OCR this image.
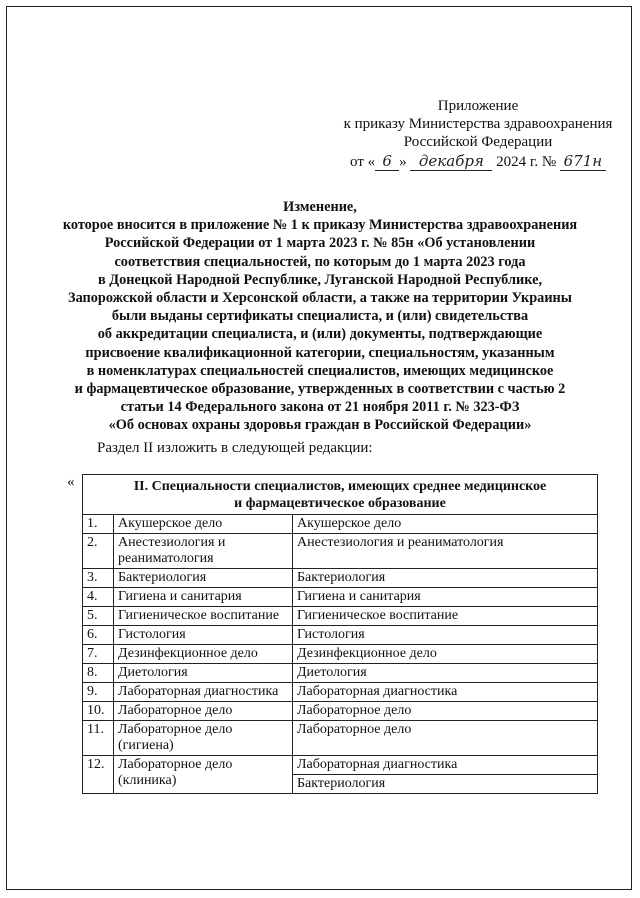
Приложение
к приказу Министерства здравоохранения
Российской Федерации
от « 6 » декабря 2024 г. № 671н
Изменение,
которое вносится в приложение № 1 к приказу Министерства здравоохранения
Российской Федерации от 1 марта 2023 г. № 85н «Об установлении
соответствия специальностей, по которым до 1 марта 2023 года
в Донецкой Народной Республике, Луганской Народной Республике,
Запорожской области и Херсонской области, а также на территории Украины
были выданы сертификаты специалиста, и (или) свидетельства
об аккредитации специалиста, и (или) документы, подтверждающие
присвоение квалификационной категории, специальностям, указанным
в номенклатурах специальностей специалистов, имеющих медицинское
и фармацевтическое образование, утвержденных в соответствии с частью 2
статьи 14 Федерального закона от 21 ноября 2011 г. № 323-ФЗ
«Об основах охраны здоровья граждан в Российской Федерации»
Раздел II изложить в следующей редакции:
«	II. Специальности специалистов, имеющих среднее медицинское
и фармацевтическое образование		
1.	Акушерское дело	Акушерское дело
2.	Анестезиология и реаниматология	Анестезиология и реаниматология
3.	Бактериология	Бактериология
4.	Гигиена и санитария	Гигиена и санитария
5.	Гигиеническое воспитание	Гигиеническое воспитание
6.	Гистология	Гистология
7.	Дезинфекционное дело	Дезинфекционное дело
8.	Диетология	Диетология
9.	Лабораторная диагностика	Лабораторная диагностика
10.	Лабораторное дело	Лабораторное дело
11.	Лабораторное дело (гигиена)	Лабораторное дело
12.	Лабораторное дело (клиника)	Лабораторная диагностика
		Бактериология
